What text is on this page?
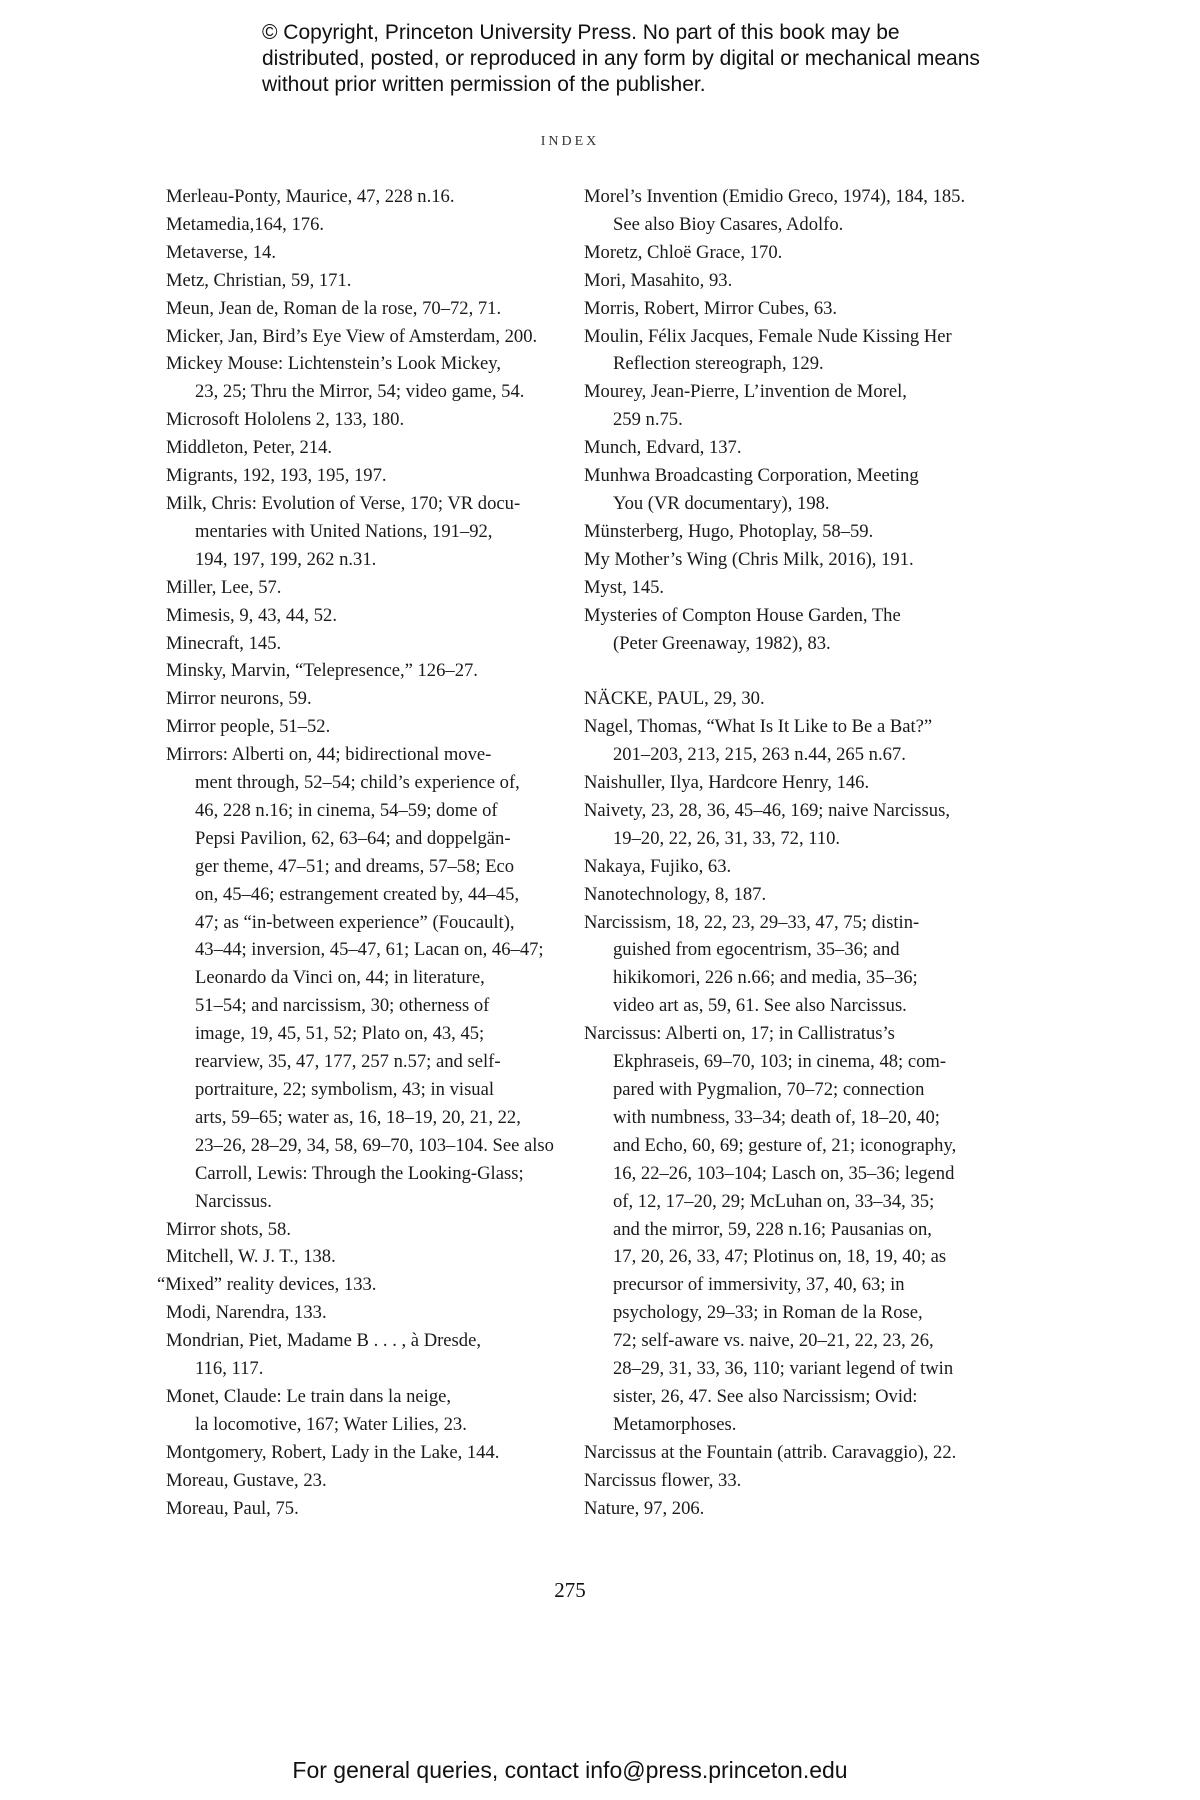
© Copyright, Princeton University Press. No part of this book may be distributed, posted, or reproduced in any form by digital or mechanical means without prior written permission of the publisher.
INDEX

Merleau-Ponty, Maurice, 47, 228 n.16.

Metamedia,164, 176.

Metaverse, 14.

Metz, Christian, 59, 171.

Meun, Jean de, Roman de la rose, 70–72, 71.

Micker, Jan, Bird’s Eye View of Amsterdam, 200.

Mickey Mouse: Lichtenstein’s Look Mickey,
23, 25; Thru the Mirror, 54; video game, 54.

Microsoft Hololens 2, 133, 180.

Middleton, Peter, 214.

Migrants, 192, 193, 195, 197.

Milk, Chris: Evolution of Verse, 170; VR docu-
mentaries with United Nations, 191–92,
194, 197, 199, 262 n.31.

Miller, Lee, 57.

Mimesis, 9, 43, 44, 52.

Minecraft, 145.

Minsky, Marvin, “Telepresence,” 126–27.

Mirror neurons, 59.

Mirror people, 51–52.

Mirrors: Alberti on, 44; bidirectional move-
ment through, 52–54; child’s experience of,
46, 228 n.16; in cinema, 54–59; dome of
Pepsi Pavilion, 62, 63–64; and doppelgän-
ger theme, 47–51; and dreams, 57–58; Eco
on, 45–46; estrangement created by, 44–45,
47; as “in-between experience” (Foucault),
43–44; inversion, 45–47, 61; Lacan on, 46–47;
Leonardo da Vinci on, 44; in literature,
51–54; and narcissism, 30; otherness of
image, 19, 45, 51, 52; Plato on, 43, 45;
rearview, 35, 47, 177, 257 n.57; and self-
portraiture, 22; symbolism, 43; in visual
arts, 59–65; water as, 16, 18–19, 20, 21, 22,
23–26, 28–29, 34, 58, 69–70, 103–104. See also
Carroll, Lewis: Through the Looking-Glass;
Narcissus.

Mirror shots, 58.

Mitchell, W. J. T., 138.

“Mixed” reality devices, 133.

Modi, Narendra, 133.

Mondrian, Piet, Madame B . . . , à Dresde,
116, 117.

Monet, Claude: Le train dans la neige,
la locomotive, 167; Water Lilies, 23.

Montgomery, Robert, Lady in the Lake, 144.

Moreau, Gustave, 23.

Moreau, Paul, 75.

Morel’s Invention (Emidio Greco, 1974), 184, 185.
See also Bioy Casares, Adolfo.

Moretz, Chloë Grace, 170.

Mori, Masahito, 93.

Morris, Robert, Mirror Cubes, 63.

Moulin, Félix Jacques, Female Nude Kissing Her
Reflection stereograph, 129.

Mourey, Jean-Pierre, L’invention de Morel,
259 n.75.

Munch, Edvard, 137.

Munhwa Broadcasting Corporation, Meeting
You (VR documentary), 198.

Münsterberg, Hugo, Photoplay, 58–59.

My Mother’s Wing (Chris Milk, 2016), 191.

Myst, 145.

Mysteries of Compton House Garden, The
(Peter Greenaway, 1982), 83.

NÄCKE, PAUL, 29, 30.

Nagel, Thomas, “What Is It Like to Be a Bat?”
201–203, 213, 215, 263 n.44, 265 n.67.

Naishuller, Ilya, Hardcore Henry, 146.

Naivety, 23, 28, 36, 45–46, 169; naive Narcissus,
19–20, 22, 26, 31, 33, 72, 110.

Nakaya, Fujiko, 63.

Nanotechnology, 8, 187.

Narcissism, 18, 22, 23, 29–33, 47, 75; distin-
guished from egocentrism, 35–36; and
hikikomori, 226 n.66; and media, 35–36;
video art as, 59, 61. See also Narcissus.

Narcissus: Alberti on, 17; in Callistratus’s
Ekphraseis, 69–70, 103; in cinema, 48; com-
pared with Pygmalion, 70–72; connection
with numbness, 33–34; death of, 18–20, 40;
and Echo, 60, 69; gesture of, 21; iconography,
16, 22–26, 103–104; Lasch on, 35–36; legend
of, 12, 17–20, 29; McLuhan on, 33–34, 35;
and the mirror, 59, 228 n.16; Pausanias on,
17, 20, 26, 33, 47; Plotinus on, 18, 19, 40; as
precursor of immersivity, 37, 40, 63; in
psychology, 29–33; in Roman de la Rose,
72; self-aware vs. naive, 20–21, 22, 23, 26,
28–29, 31, 33, 36, 110; variant legend of twin
sister, 26, 47. See also Narcissism; Ovid:
Metamorphoses.

Narcissus at the Fountain (attrib. Caravaggio), 22.

Narcissus flower, 33.

Nature, 97, 206.

275
For general queries, contact info@press.princeton.edu
